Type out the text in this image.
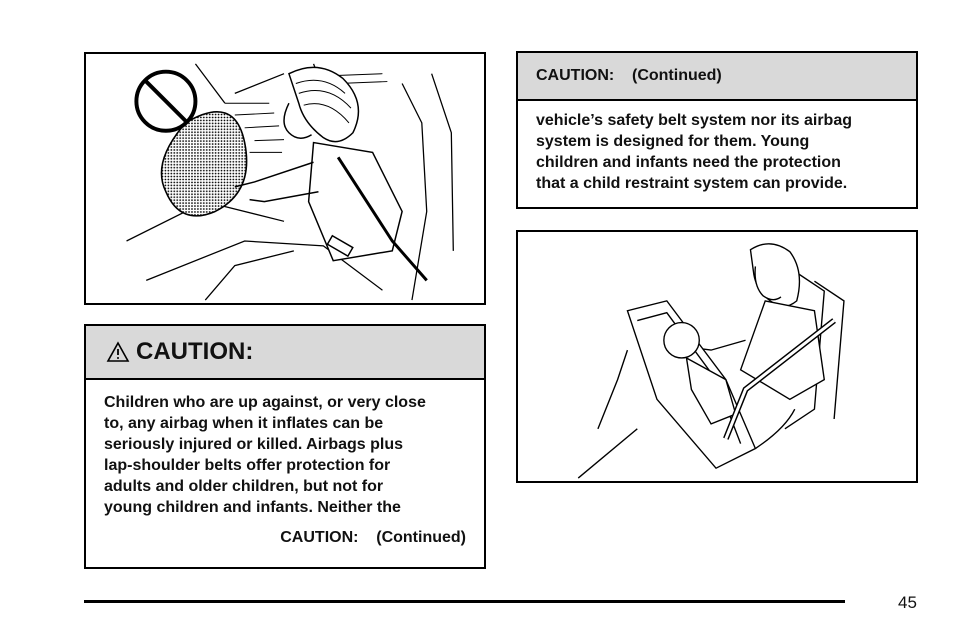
CAUTION:
Children who are up against, or very close
to, any airbag when it inflates can be
seriously injured or killed. Airbags plus
lap-shoulder belts offer protection for
adults and older children, but not for
young children and infants. Neither the
CAUTION:    (Continued)
CAUTION:    (Continued)
vehicle’s safety belt system nor its airbag
system is designed for them. Young
children and infants need the protection
that a child restraint system can provide.
45
